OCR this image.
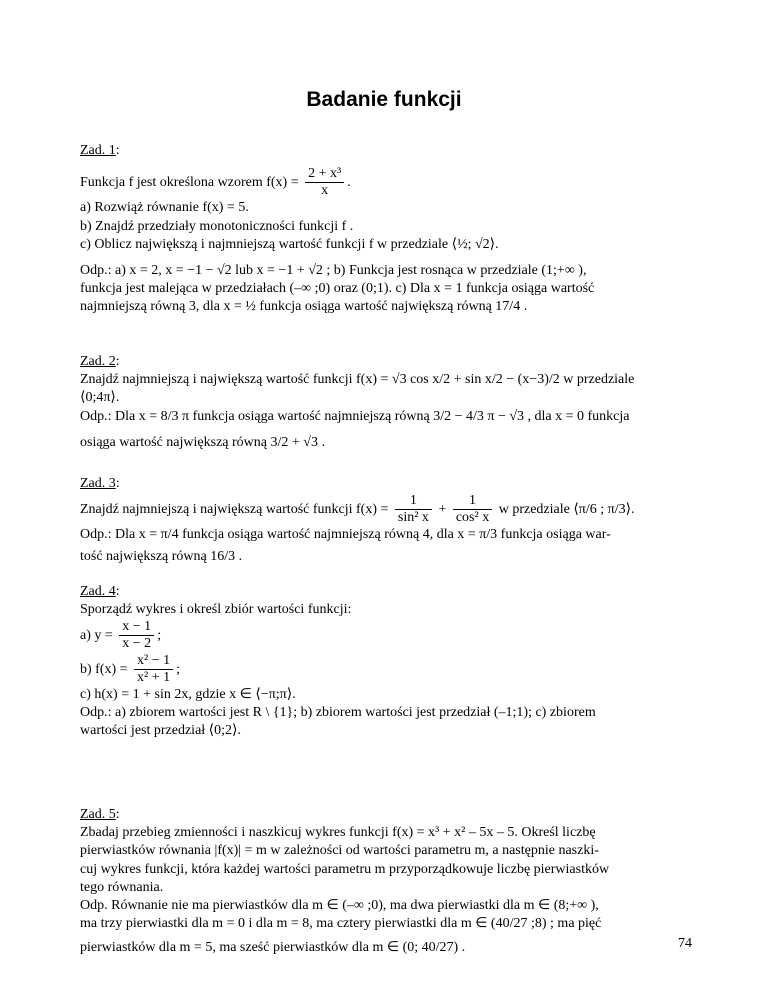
Badanie funkcji

Zad. 1:

Funkcja f jest określona wzorem $f(x) = \frac{\text{2 + x³}}{x}$ .

a) Rozwiąż równanie f(x) = 5.

b) Znajdź przedziały monotoniczności funkcji f .

c) Oblicz największą i najmniejszą wartość funkcji f w przedziale ⟨½; √2⟩.

Odp.: a) x = 2, x = −1 − √2 lub x = −1 + √2 ; b) Funkcja jest rosnąca w przedziale (1;+∞ ),

funkcja jest malejąca w przedziałach (–∞ ;0) oraz (0;1). c) Dla x = 1 funkcja osiąga wartość

najmniejszą równą 3, dla x = ½ funkcja osiąga wartość największą równą 17/4 .

Zad. 2:

Znajdź najmniejszą i największą wartość funkcji f(x) = √3 cos x/2 + sin x/2 − (x−3)/2 w przedziale

⟨0;4π⟩.

Odp.: Dla x = 8/3 π funkcja osiąga wartość najmniejszą równą 3/2 − 4/3 π − √3 , dla x = 0 funkcja

osiąga wartość największą równą 3/2 + √3 .

Zad. 3:

Znajdź najmniejszą i największą wartość funkcji $f(x) = \frac{1}{\text{sin² x}} + \frac{1}{\text{cos² x}}$ w przedziale ⟨π/6 ; π/3⟩.

Odp.: Dla x = π/4 funkcja osiąga wartość najmniejszą równą 4, dla x = π/3 funkcja osiąga war-

tość największą równą 16/3 .

Zad. 4:

Sporządź wykres i określ zbiór wartości funkcji:

a) $y = \frac{x - 1}{x - 2}$ ;

b) $f(x) = \frac{\text{x² − 1}}{\text{x² + 1}}$ ;

c) h(x) = 1 + sin 2x, gdzie x ∈ ⟨−π;π⟩.

Odp.: a) zbiorem wartości jest R \ {1}; b) zbiorem wartości jest przedział (–1;1); c) zbiorem

wartości jest przedział ⟨0;2⟩.

Zad. 5:

Zbadaj przebieg zmienności i naszkicuj wykres funkcji f(x) = x³ + x² – 5x – 5. Określ liczbę

pierwiastków równania |f(x)| = m w zależności od wartości parametru m, a następnie naszki-

cuj wykres funkcji, która każdej wartości parametru m przyporządkowuje liczbę pierwiastków

tego równania.

Odp. Równanie nie ma pierwiastków dla m ∈ (–∞ ;0), ma dwa pierwiastki dla m ∈ (8;+∞ ),

ma trzy pierwiastki dla m = 0 i dla m = 8, ma cztery pierwiastki dla m ∈ (40/27 ;8) ; ma pięć

pierwiastków dla m = 5, ma sześć pierwiastków dla m ∈ (0; 40/27) .	74
